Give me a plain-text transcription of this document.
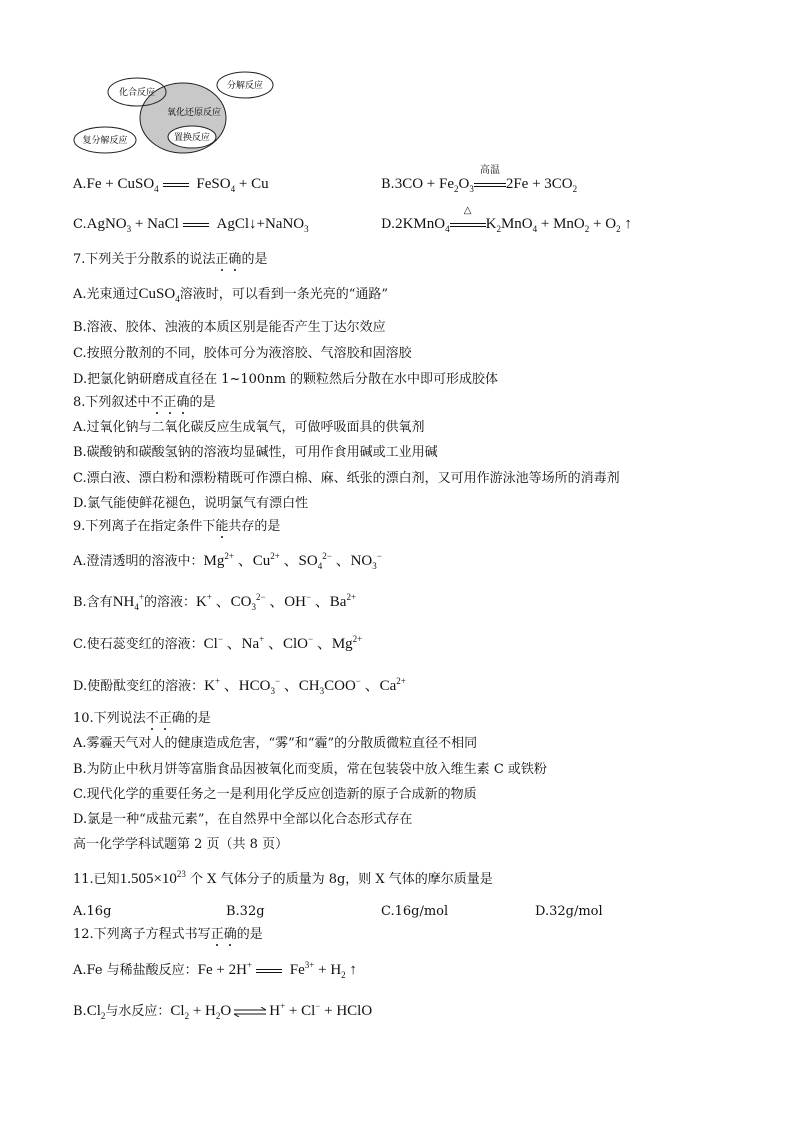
化合反应
分解反应
氧化还原反应
复分解反应	置换反应
A.Fe + CuSO$_4$ FeSO$_4$ + Cu	$B.3CO + Fe_2O_3$
高温
$2Fe + 3CO_2$
C.AgNO$_3$ + NaCl AgCl↓+NaNO$_3$	D.2KMnO$_4$
△
$K_2MnO_4 + MnO_2 + O_2$ ↑
7.下列关于分散系的说法正确的是
A.光束通过CuSO$_4$溶液时，可以看到一条光亮的“通路”
B.溶液、胶体、浊液的本质区别是能否产生丁达尔效应
C.按照分散剂的不同，胶体可分为液溶胶、气溶胶和固溶胶
D.把氯化钠研磨成直径在 1~100nm 的颗粒然后分散在水中即可形成胶体
8.下列叙述中不正确的是
A.过氧化钠与二氧化碳反应生成氧气，可做呼吸面具的供氧剂
B.碳酸钠和碳酸氢钠的溶液均显碱性，可用作食用碱或工业用碱
C.漂白液、漂白粉和漂粉精既可作漂白棉、麻、纸张的漂白剂，又可用作游泳池等场所的消毒剂
D.氯气能使鲜花褪色，说明氯气有漂白性
9.下列离子在指定条件下能共存的是
A.澄清透明的溶液中：$Mg^{2+}$ 、$Cu^{2+}$ 、$SO_4^{2-}$ 、$NO_3^-$
B.含有$NH_4^+$的溶液：K+ 、$CO_3^{2-}$ 、OH− 、$Ba^{2+}$
C.使石蕊变红的溶液：Cl− 、Na+ 、ClO− 、$Mg^{2+}$
D.使酚酞变红的溶液：K+ 、$HCO_3^-$ 、$CH_3COO^-$ 、$Ca^{2+}$
10.下列说法不正确的是
A.雾霾天气对人的健康造成危害，“雾”和“霾”的分散质微粒直径不相同
B.为防止中秋月饼等富脂食品因被氧化而变质，常在包装袋中放入维生素 C 或铁粉
C.现代化学的重要任务之一是利用化学反应创造新的原子合成新的物质
D.氯是一种“成盐元素”，在自然界中全部以化合态形式存在
高一化学学科试题第 2 页（共 8 页）
11.已知$1.505\times 10^{23}$ 个 X 气体分子的质量为 8g，则 X 气体的摩尔质量是
A.16g	B.32g	C.16g/mol	D.32g/mol
12.下列离子方程式书写正确的是
A.Fe 与稀盐酸反应：Fe + 2H+ $Fe^{3+} + H_2$ ↑
$B.Cl_2$与水反应：$Cl_2 + H_2O$ ⇌ H+ + Cl− + HClO
